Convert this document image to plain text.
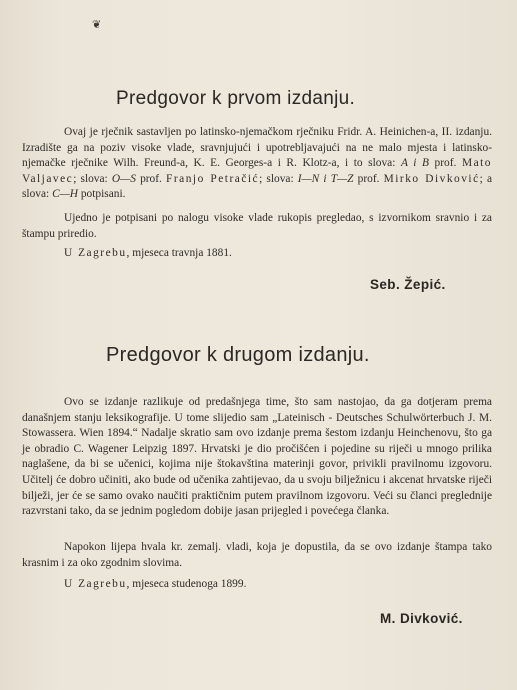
❦
Predgovor k prvom izdanju.

Ovaj je rječnik sastavljen po latinsko-njemačkom rječniku Fridr. A. Heinichen-a, II. izdanju. Izradište ga na poziv visoke vlade, sravnjujući i upotrebljavajući na ne malo mjesta i latinsko-njemačke rječnike Wilh. Freund-a, K. E. Georges-a i R. Klotz-a, i to slova: A i B prof. Mato Valjavec; slova: O—S prof. Franjo Petračić; slova: I—N i T—Z prof. Mirko Divković; a slova: C—H potpisani.

Ujedno je potpisani po nalogu visoke vlade rukopis pregledao, s izvornikom sravnio i za štampu priredio.

U Zagrebu, mjeseca travnja 1881.

Seb. Žepić.

Predgovor k drugom izdanju.

Ovo se izdanje razlikuje od predašnjega time, što sam nastojao, da ga dotjeram prema današnjem stanju leksikografije. U tome slijedio sam „Lateinisch - Deutsches Schulwörterbuch J. M. Stowassera. Wien 1894.“ Nadalje skratio sam ovo izdanje prema šestom izdanju Heinchenovu, što ga je obradio C. Wagener Leipzig 1897. Hrvatski je dio pročišćen i pojedine su riječi u mnogo prilika naglašene, da bi se učenici, kojima nije štokavština materinji govor, privikli pravilnomu izgovoru. Učitelj će dobro učiniti, ako bude od učenika zahtijevao, da u svoju bilježnicu i akcenat hrvatske riječi bilježi, jer će se samo ovako naučiti praktičnim putem pravilnom izgovoru. Veći su članci preglednije razvrstani tako, da se jednim pogledom dobije jasan prijegled i povećega članka.

Napokon lijepa hvala kr. zemalj. vladi, koja je dopustila, da se ovo izdanje štampa tako krasnim i za oko zgodnim slovima.

U Zagrebu, mjeseca studenoga 1899.

M. Divković.
